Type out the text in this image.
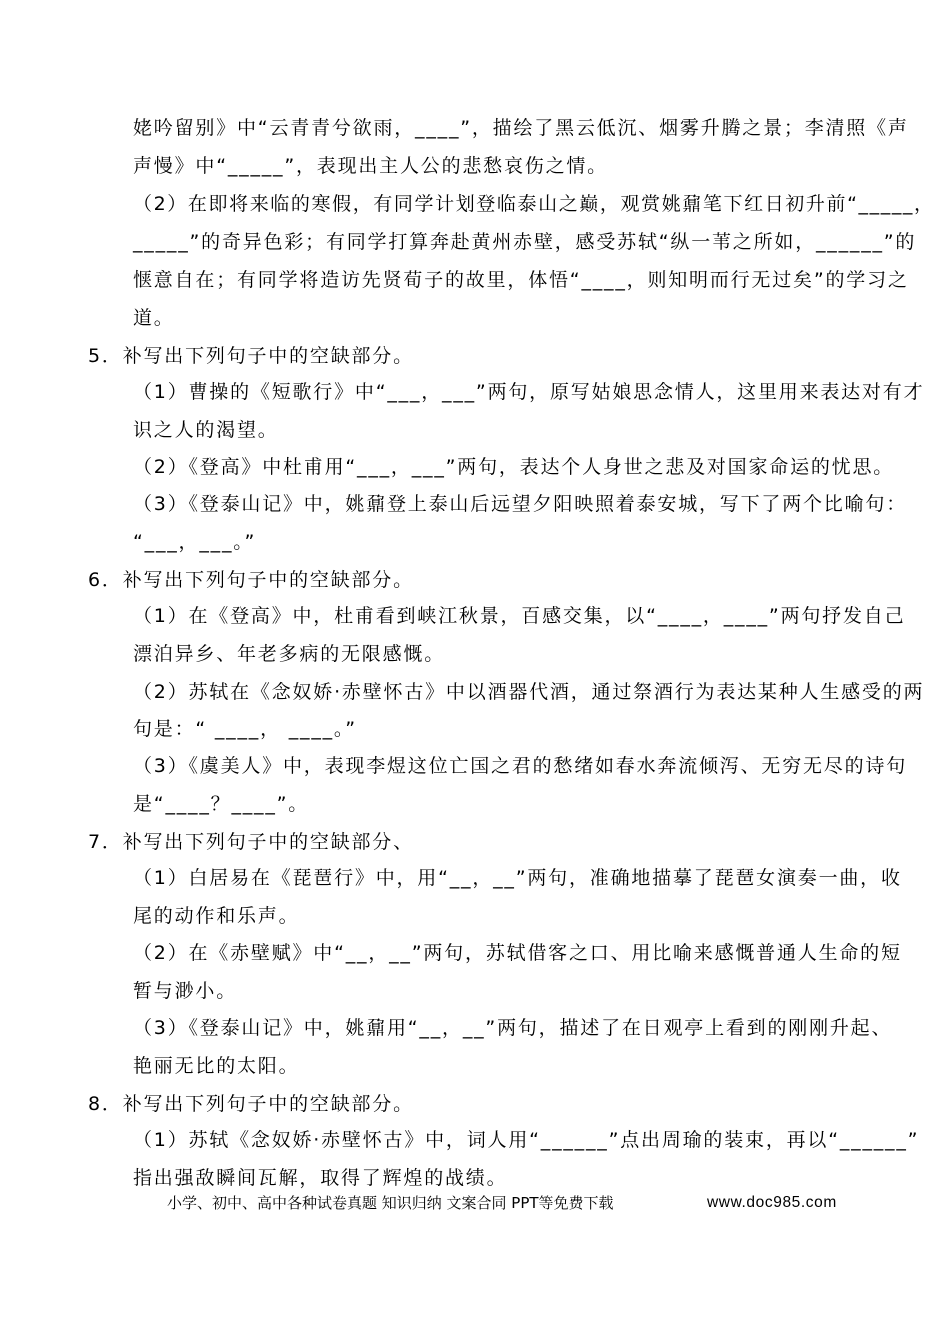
姥吟留别》中“云青青兮欲雨，____”，描绘了黑云低沉、烟雾升腾之景；李清照《声
声慢》中“_____”，表现出主人公的悲愁哀伤之情。
（2）在即将来临的寒假，有同学计划登临泰山之巅，观赏姚鼐笔下红日初升前“_____，
_____”的奇异色彩；有同学打算奔赴黄州赤壁，感受苏轼“纵一苇之所如，______”的
惬意自在；有同学将造访先贤荀子的故里，体悟“____，则知明而行无过矣”的学习之
道。
5．补写出下列句子中的空缺部分。
（1）曹操的《短歌行》中“___，___”两句，原写姑娘思念情人，这里用来表达对有才
识之人的渴望。
（2）《登高》中杜甫用“___，___”两句，表达个人身世之悲及对国家命运的忧思。
（3）《登泰山记》中，姚鼐登上泰山后远望夕阳映照着泰安城，写下了两个比喻句：
“___，___。”
6．补写出下列句子中的空缺部分。
（1）在《登高》中，杜甫看到峡江秋景，百感交集，以“____，____”两句抒发自己
漂泊异乡、年老多病的无限感慨。
（2）苏轼在《念奴娇·赤壁怀古》中以酒器代酒，通过祭酒行为表达某种人生感受的两
句是：“ ____， ____。”
（3）《虞美人》中，表现李煜这位亡国之君的愁绪如春水奔流倾泻、无穷无尽的诗句
是“____？____”。
7．补写出下列句子中的空缺部分、
（1）白居易在《琵琶行》中，用“__，__”两句，准确地描摹了琵琶女演奏一曲，收
尾的动作和乐声。
（2）在《赤壁赋》中“__，__”两句，苏轼借客之口、用比喻来感慨普通人生命的短
暂与渺小。
（3）《登泰山记》中，姚鼐用“__，__”两句，描述了在日观亭上看到的刚刚升起、
艳丽无比的太阳。
8．补写出下列句子中的空缺部分。
（1）苏轼《念奴娇·赤壁怀古》中，词人用“______”点出周瑜的装束，再以“______”
指出强敌瞬间瓦解，取得了辉煌的战绩。
小学、初中、高中各种试卷真题 知识归纳 文案合同 PPT等免费下载	www.doc985.com
